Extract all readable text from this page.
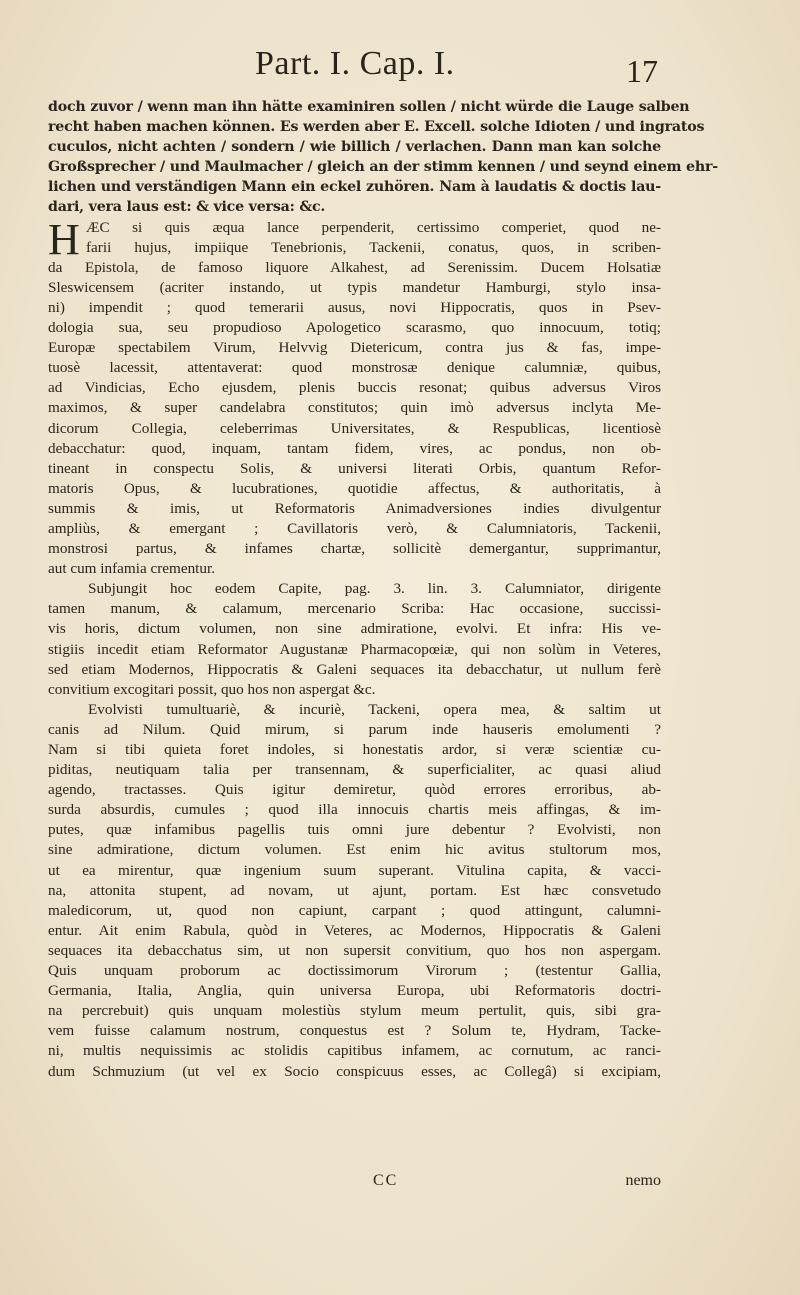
Part. I. Cap. I.	17
doch zuvor / wenn man ihn hätte examiniren sollen / nicht würde die Lauge salben
recht haben machen können. Es werden aber E. Excell. solche Idioten / und ingratos
cuculos, nicht achten / sondern / wie billich / verlachen. Dann man kan solche
Großsprecher / und Maulmacher / gleich an der stimm kennen / und seynd einem ehr-
lichen und verständigen Mann ein eckel zuhören. Nam à laudatis & doctis lau-
dari, vera laus est: & vice versa: &c.
H ÆC si quis æqua lance perpenderit, certissimo comperiet, quod ne-
farii hujus, impiique Tenebrionis, Tackenii, conatus, quos, in scriben-
da Epistola, de famoso liquore Alkahest, ad Serenissim. Ducem Holsatiæ
Sleswicensem (acriter instando, ut typis mandetur Hamburgi, stylo insa-
ni) impendit ; quod temerarii ausus, novi Hippocratis, quos in Psev-
dologia sua, seu propudioso Apologetico scarasmo, quo innocuum, totiq;
Europæ spectabilem Virum, Helvvig Dietericum, contra jus & fas, impe-
tuosè lacessit, attentaverat: quod monstrosæ denique calumniæ, quibus,
ad Vindicias, Echo ejusdem, plenis buccis resonat; quibus adversus Viros
maximos, & super candelabra constitutos; quin imò adversus inclyta Me-
dicorum Collegia, celeberrimas Universitates, & Respublicas, licentiosè
debacchatur: quod, inquam, tantam fidem, vires, ac pondus, non ob-
tineant in conspectu Solis, & universi literati Orbis, quantum Refor-
matoris Opus, & lucubrationes, quotidie affectus, & authoritatis, à
summis & imis, ut Reformatoris Animadversiones indies divulgentur
ampliùs, & emergant ; Cavillatoris verò, & Calumniatoris, Tackenii,
monstrosi partus, & infames chartæ, sollicitè demergantur, supprimantur,
aut cum infamia crementur.
Subjungit hoc eodem Capite, pag. 3. lin. 3. Calumniator, dirigente
tamen manum, & calamum, mercenario Scriba: Hac occasione, succissi-
vis horis, dictum volumen, non sine admiratione, evolvi. Et infra: His ve-
stigiis incedit etiam Reformator Augustanæ Pharmacopœiæ, qui non solùm in Veteres,
sed etiam Modernos, Hippocratis & Galeni sequaces ita debacchatur, ut nullum ferè
convitium excogitari possit, quo hos non aspergat &c.
Evolvisti tumultuariè, & incuriè, Tackeni, opera mea, & saltim ut
canis ad Nilum. Quid mirum, si parum inde hauseris emolumenti ?
Nam si tibi quieta foret indoles, si honestatis ardor, si veræ scientiæ cu-
piditas, neutiquam talia per transennam, & superficialiter, ac quasi aliud
agendo, tractasses. Quis igitur demiretur, quòd errores erroribus, ab-
surda absurdis, cumules ; quod illa innocuis chartis meis affingas, & im-
putes, quæ infamibus pagellis tuis omni jure debentur ? Evolvisti, non
sine admiratione, dictum volumen. Est enim hic avitus stultorum mos,
ut ea mirentur, quæ ingenium suum superant. Vitulina capita, & vacci-
na, attonita stupent, ad novam, ut ajunt, portam. Est hæc consvetudo
maledicorum, ut, quod non capiunt, carpant ; quod attingunt, calumni-
entur. Ait enim Rabula, quòd in Veteres, ac Modernos, Hippocratis & Galeni
sequaces ita debacchatus sim, ut non supersit convitium, quo hos non aspergam.
Quis unquam proborum ac doctissimorum Virorum ; (testentur Gallia,
Germania, Italia, Anglia, quin universa Europa, ubi Reformatoris doctri-
na percrebuit) quis unquam molestiùs stylum meum pertulit, quis, sibi gra-
vem fuisse calamum nostrum, conquestus est ? Solum te, Hydram, Tacke-
ni, multis nequissimis ac stolidis capitibus infamem, ac cornutum, ac ranci-
dum Schmuzium (ut vel ex Socio conspicuus esses, ac Collegâ) si excipiam,
CC	nemo
